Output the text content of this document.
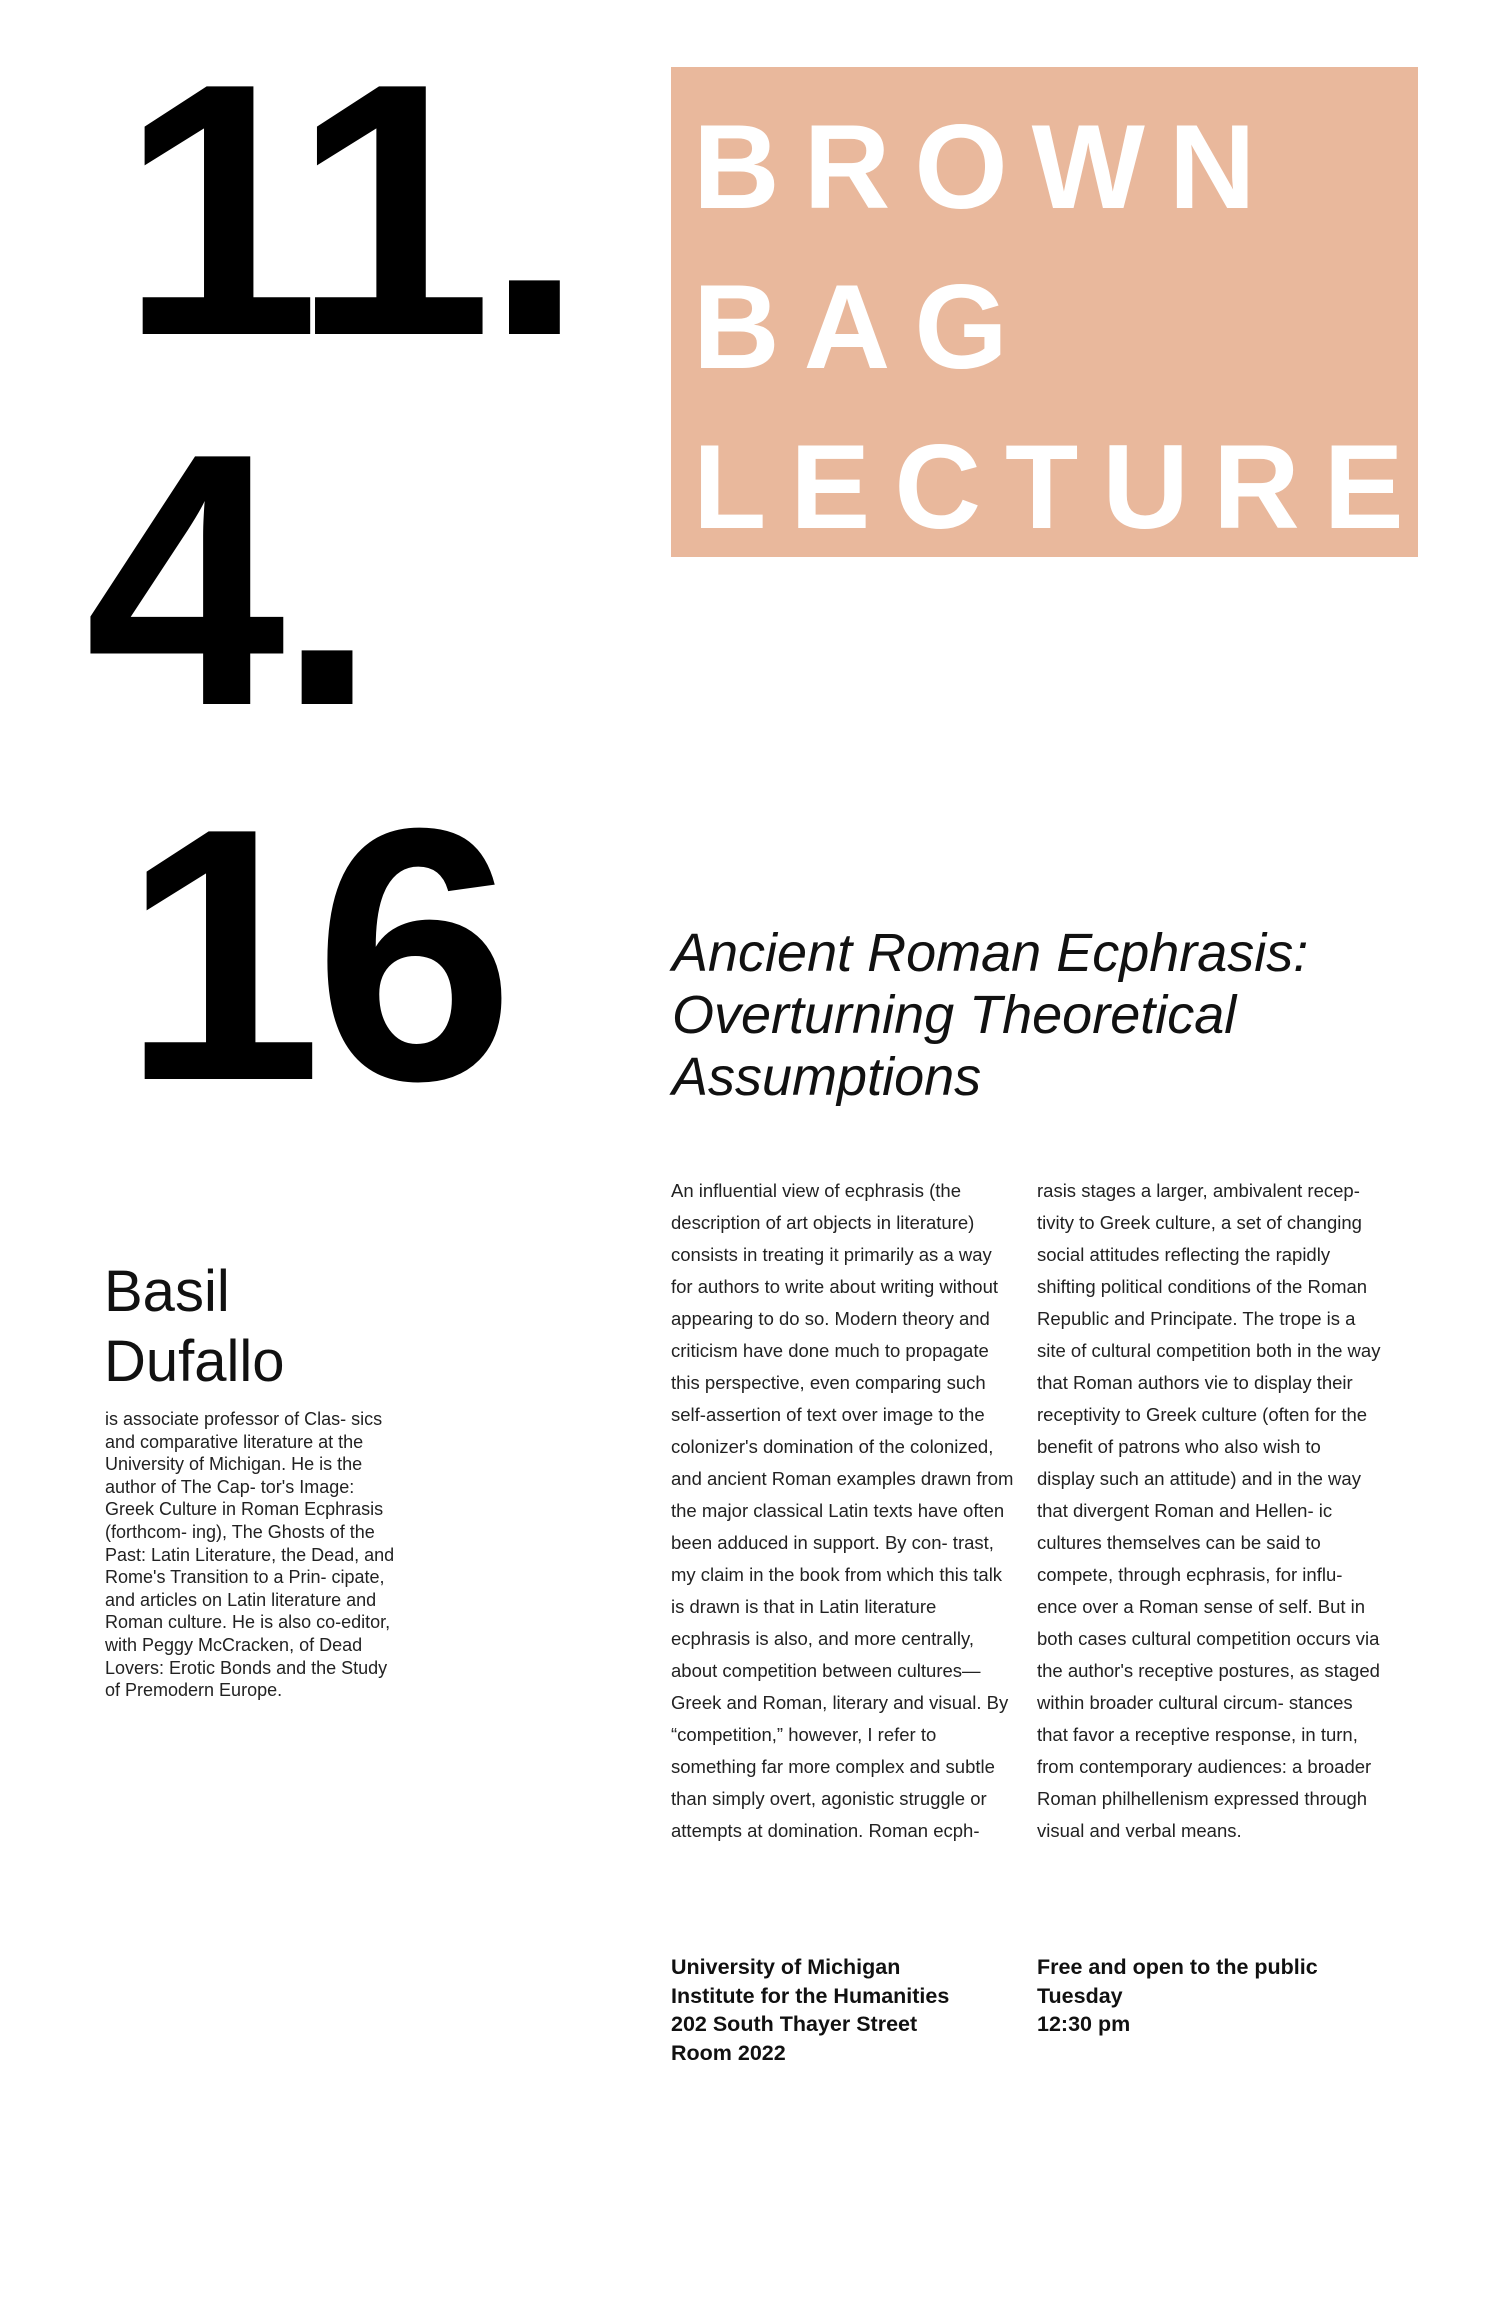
11.
4.
16
BROWN
BAG
LECTURE
Ancient Roman Ecphrasis: Overturning Theoretical Assumptions
Basil
Dufallo

is associate professor of Clas- sics and comparative literature at the University of Michigan. He is the author of The Cap- tor's Image: Greek Culture in Roman Ecphrasis (forthcom- ing), The Ghosts of the Past: Latin Literature, the Dead, and Rome's Transition to a Prin- cipate, and articles on Latin literature and Roman culture. He is also co-editor, with Peggy McCracken, of Dead Lovers: Erotic Bonds and the Study of Premodern Europe.

An influential view of ecphrasis (the description of art objects in literature) consists in treating it primarily as a way for authors to write about writing without appearing to do so. Modern theory and criticism have done much to propagate this perspective, even comparing such self-assertion of text over image to the colonizer's domination of the colonized, and ancient Roman examples drawn from the major classical Latin texts have often been adduced in support. By con- trast, my claim in the book from which this talk is drawn is that in Latin literature ecphrasis is also, and more centrally, about competition between cultures— Greek and Roman, literary and visual. By “competition,” however, I refer to something far more complex and subtle than simply overt, agonistic struggle or attempts at domination. Roman ecph-

rasis stages a larger, ambivalent recep- tivity to Greek culture, a set of changing social attitudes reflecting the rapidly shifting political conditions of the Roman Republic and Principate. The trope is a site of cultural competition both in the way that Roman authors vie to display their receptivity to Greek culture (often for the benefit of patrons who also wish to display such an attitude) and in the way that divergent Roman and Hellen- ic cultures themselves can be said to compete, through ecphrasis, for influ- ence over a Roman sense of self. But in both cases cultural competition occurs via the author's receptive postures, as staged within broader cultural circum- stances that favor a receptive response, in turn, from contemporary audiences: a broader Roman philhellenism expressed through visual and verbal means.

University of Michigan
Institute for the Humanities
202 South Thayer Street
Room 2022
Free and open to the public
Tuesday
12:30 pm
